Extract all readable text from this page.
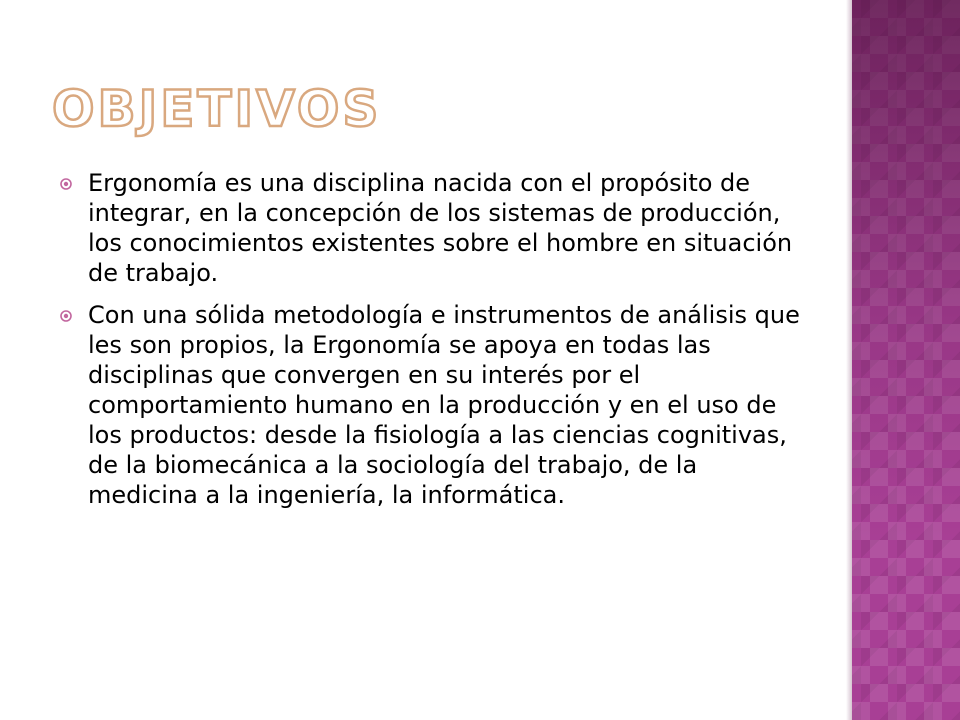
OBJETIVOS
Ergonomía es una disciplina nacida con el propósito de integrar, en la concepción de los sistemas de producción, los conocimientos existentes sobre el hombre en situación de trabajo.
Con una sólida metodología e instrumentos de análisis que les son propios, la Ergonomía se apoya en todas las disciplinas que convergen en su interés por el comportamiento humano en la producción y en el uso de los productos: desde la fisiología a las ciencias cognitivas, de la biomecánica a la sociología del trabajo, de la medicina a la ingeniería, la informática.
